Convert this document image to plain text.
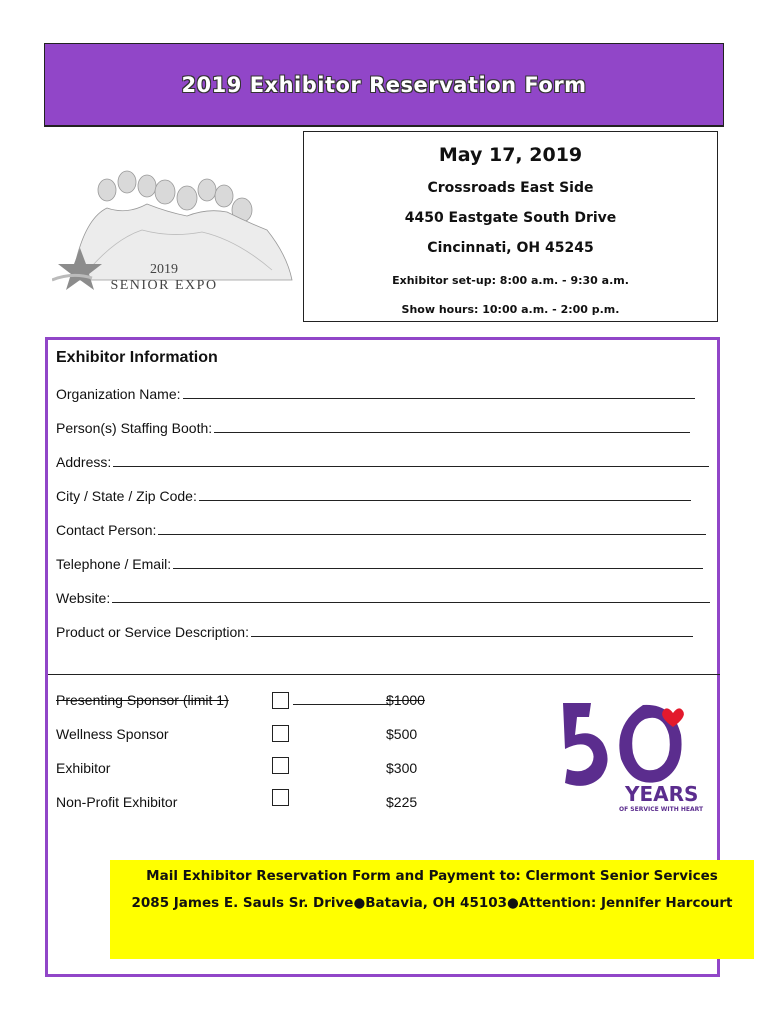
2019 Exhibitor Reservation Form
2019
SENIOR EXPO
May 17, 2019
Crossroads East Side
4450 Eastgate South Drive
Cincinnati, OH 45245
Exhibitor set-up: 8:00 a.m. - 9:30 a.m.
Show hours: 10:00 a.m. - 2:00 p.m.
Exhibitor Information
Organization Name:
Person(s) Staffing Booth:
Address:
City / State / Zip Code:
Contact Person:
Telephone / Email:
Website:
Product or Service Description:
Presenting Sponsor (limit 1)	$1000
Wellness Sponsor	$500
Exhibitor	$300
Non-Profit Exhibitor	$225	YEARS
OF SERVICE WITH HEART
Mail Exhibitor Reservation Form and Payment to: Clermont Senior Services
2085 James E. Sauls Sr. Drive●Batavia, OH 45103●Attention: Jennifer Harcourt
